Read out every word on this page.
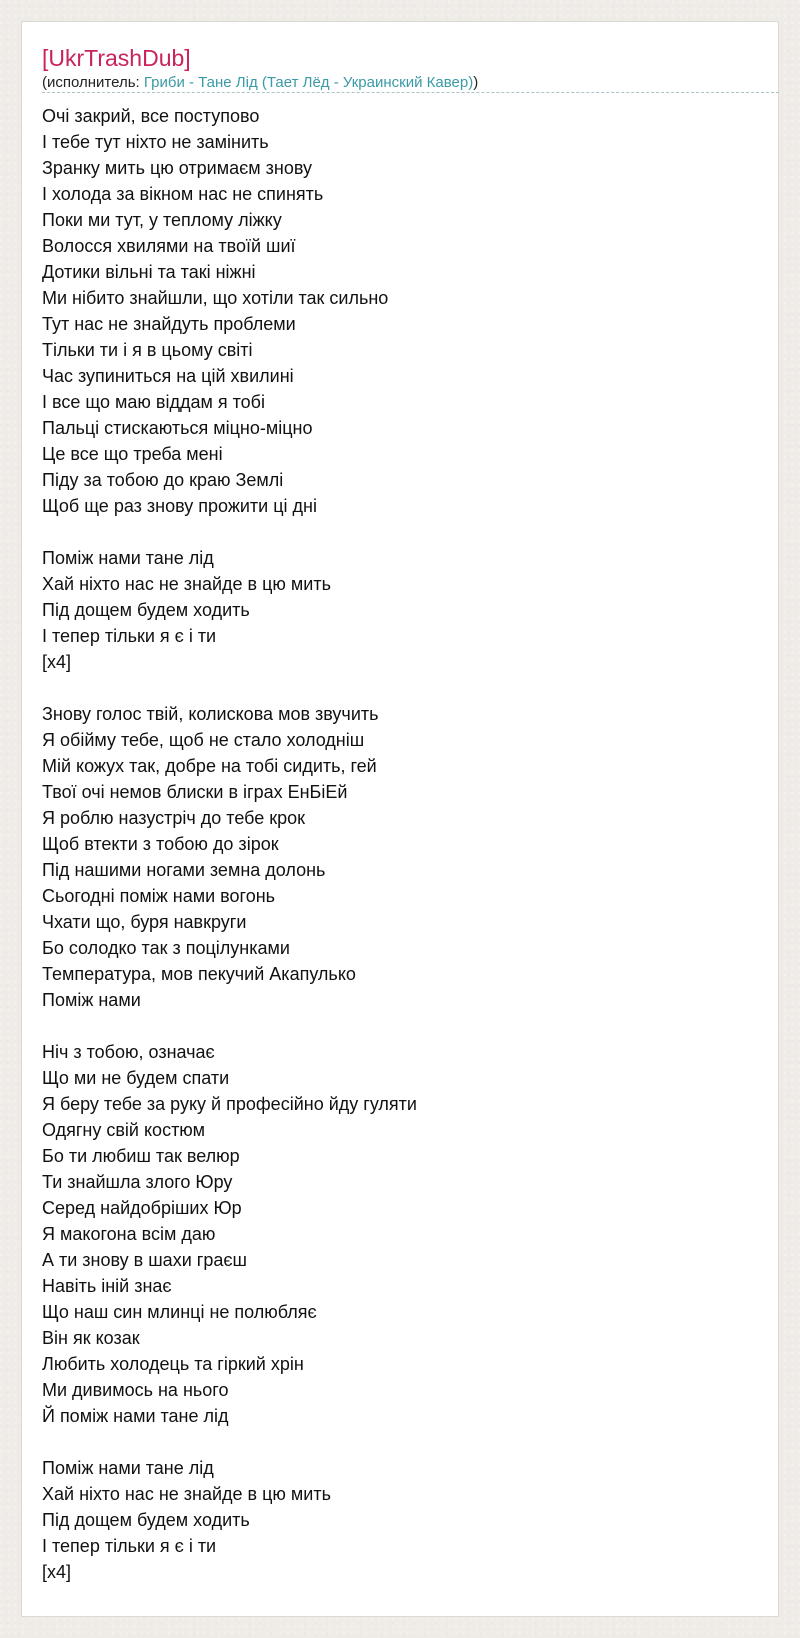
[UkrTrashDub]
(исполнитель: Гриби - Тане Лід (Тает Лёд - Украинский Кавер))
Очі закрий, все поступово
І тебе тут ніхто не замінить
Зранку мить цю отримаєм знову
І холода за вікном нас не спинять
Поки ми тут, у теплому ліжку
Волосся хвилями на твоїй шиї
Дотики вільні та такі ніжні
Ми нібито знайшли, що хотіли так сильно
Тут нас не знайдуть проблеми
Тільки ти і я в цьому світі
Час зупиниться на цій хвилині
І все що маю віддам я тобі
Пальці стискаються міцно-міцно
Це все що треба мені
Піду за тобою до краю Землі
Щоб ще раз знову прожити ці дні

Поміж нами тане лід
Хай ніхто нас не знайде в цю мить
Під дощем будем ходить
І тепер тільки я є і ти
[x4]

Знову голос твій, колискова мов звучить
Я обійму тебе, щоб не стало холодніш
Мій кожух так, добре на тобі сидить, гей
Твої очі немов блиски в іграх ЕнБіЕй
Я роблю назустріч до тебе крок
Щоб втекти з тобою до зірок
Під нашими ногами земна долонь
Сьогодні поміж нами вогонь
Чхати що, буря навкруги
Бо солодко так з поцілунками
Температура, мов пекучий Акапулько
Поміж нами

Ніч з тобою, означає
Що ми не будем спати
Я беру тебе за руку й професійно йду гуляти
Одягну свій костюм
Бо ти любиш так велюр
Ти знайшла злого Юру
Серед найдобріших Юр
Я макогона всім даю
А ти знову в шахи граєш
Навіть іній знає
Що наш син млинці не полюбляє
Він як козак
Любить холодець та гіркий хрін
Ми дивимось на нього
Й поміж нами тане лід

Поміж нами тане лід
Хай ніхто нас не знайде в цю мить
Під дощем будем ходить
І тепер тільки я є і ти
[x4]
